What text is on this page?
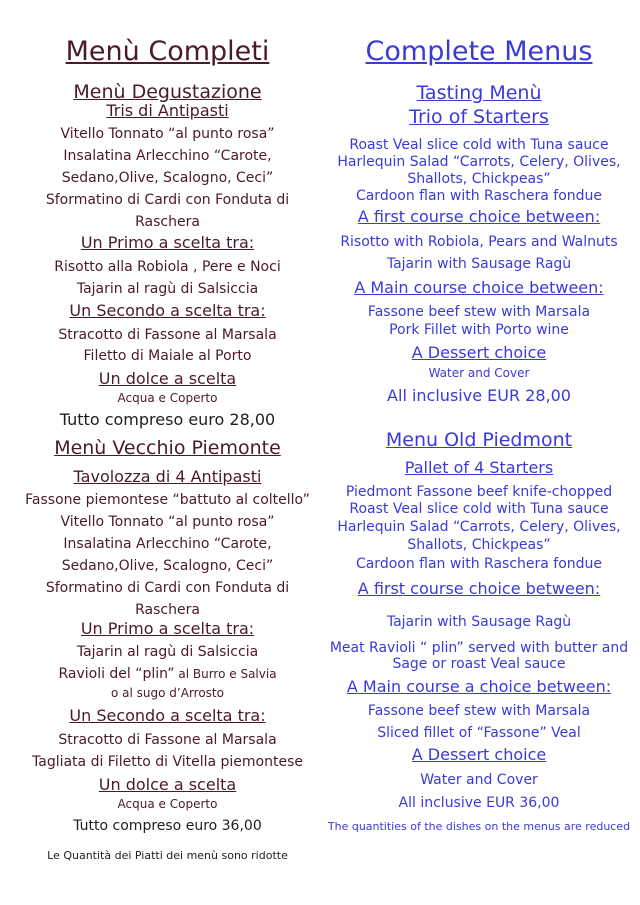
Menù Completi
Menù Degustazione
Tris di Antipasti
Vitello Tonnato “al punto rosa”
Insalatina Arlecchino “Carote,
Sedano,Olive, Scalogno, Ceci”
Sformatino di Cardi con Fonduta di
Raschera
Un Primo a scelta tra:
Risotto alla Robiola , Pere e Noci
Tajarin al ragù di Salsiccia
Un Secondo a scelta tra:
Stracotto di Fassone al Marsala
Filetto di Maiale al Porto
Un dolce a scelta
Acqua e Coperto
Tutto compreso euro 28,00
Menù Vecchio Piemonte
Tavolozza di 4 Antipasti
Fassone piemontese “battuto al coltello”
Vitello Tonnato “al punto rosa”
Insalatina Arlecchino “Carote,
Sedano,Olive, Scalogno, Ceci”
Sformatino di Cardi con Fonduta di
Raschera
Un Primo a scelta tra:
Tajarin al ragù di Salsiccia
Ravioli del “plin” al Burro e Salvia
o al sugo d’Arrosto
Un Secondo a scelta tra:
Stracotto di Fassone al Marsala
Tagliata di Filetto di Vitella piemontese
Un dolce a scelta
Acqua e Coperto
Tutto compreso euro 36,00
Le Quantità dei Piatti dei menù sono ridotte
Complete Menus
Tasting Menù
Trio of Starters
Roast Veal slice cold with Tuna sauce
Harlequin Salad “Carrots, Celery, Olives,
Shallots, Chickpeas”
Cardoon flan with Raschera fondue
A first course choice between:
Risotto with Robiola, Pears and Walnuts
Tajarin with Sausage Ragù
A Main course choice between:
Fassone beef stew with Marsala
Pork Fillet with Porto wine
A Dessert choice
Water and Cover
All inclusive EUR 28,00
Menu Old Piedmont
Pallet of 4 Starters
Piedmont Fassone beef knife-chopped
Roast Veal slice cold with Tuna sauce
Harlequin Salad “Carrots, Celery, Olives,
Shallots, Chickpeas”
Cardoon flan with Raschera fondue
A first course choice between:
Tajarin with Sausage Ragù
Meat Ravioli “ plin” served with butter and
Sage or roast Veal sauce
A Main course a choice between:
Fassone beef stew with Marsala
Sliced fillet of “Fassone” Veal
A Dessert choice
Water and Cover
All inclusive EUR 36,00
The quantities of the dishes on the menus are reduced
